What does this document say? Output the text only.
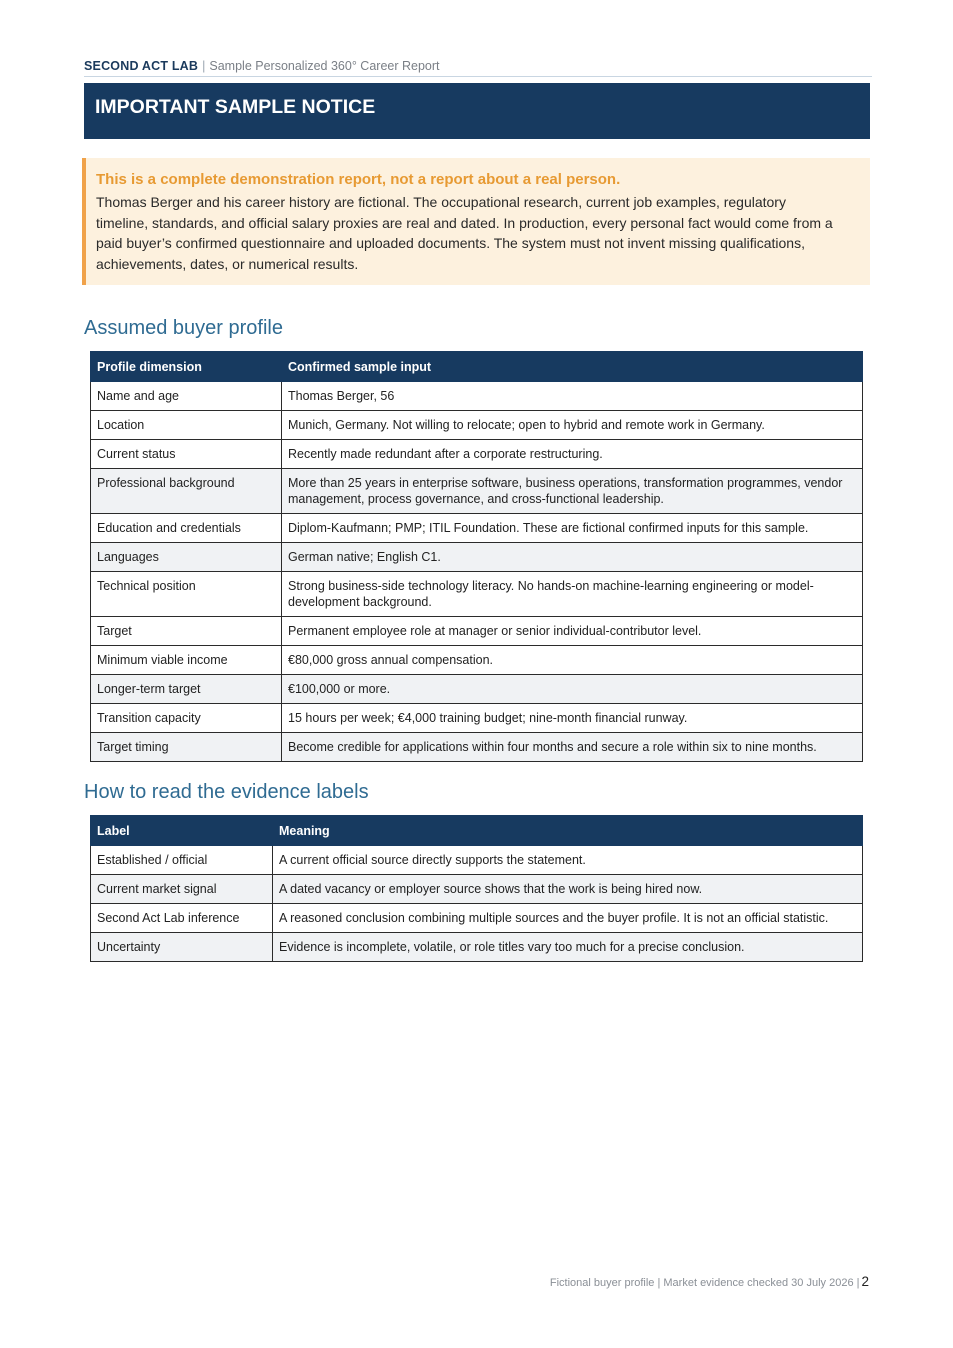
SECOND ACT LAB | Sample Personalized 360° Career Report
IMPORTANT SAMPLE NOTICE

This is a complete demonstration report, not a report about a real person.

Thomas Berger and his career history are fictional. The occupational research, current job examples, regulatory timeline, standards, and official salary proxies are real and dated. In production, every personal fact would come from a paid buyer’s confirmed questionnaire and uploaded documents. The system must not invent missing qualifications, achievements, dates, or numerical results.

Assumed buyer profile
Profile dimension	Confirmed sample input
Name and age	Thomas Berger, 56
Location	Munich, Germany. Not willing to relocate; open to hybrid and remote work in Germany.
Current status	Recently made redundant after a corporate restructuring.
Professional background	More than 25 years in enterprise software, business operations, transformation programmes, vendor management, process governance, and cross-functional leadership.
Education and credentials	Diplom-Kaufmann; PMP; ITIL Foundation. These are fictional confirmed inputs for this sample.
Languages	German native; English C1.
Technical position	Strong business-side technology literacy. No hands-on machine-learning engineering or model-development background.
Target	Permanent employee role at manager or senior individual-contributor level.
Minimum viable income	€80,000 gross annual compensation.
Longer-term target	€100,000 or more.
Transition capacity	15 hours per week; €4,000 training budget; nine-month financial runway.
Target timing	Become credible for applications within four months and secure a role within six to nine months.
How to read the evidence labels
Label	Meaning
Established / official	A current official source directly supports the statement.
Current market signal	A dated vacancy or employer source shows that the work is being hired now.
Second Act Lab inference	A reasoned conclusion combining multiple sources and the buyer profile. It is not an official statistic.
Uncertainty	Evidence is incomplete, volatile, or role titles vary too much for a precise conclusion.
Fictional buyer profile | Market evidence checked 30 July 2026 | 2
